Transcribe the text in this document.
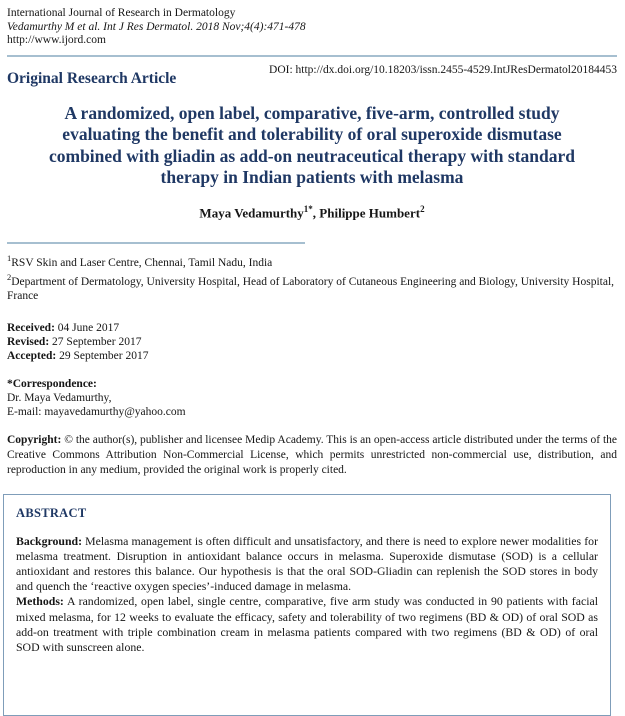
International Journal of Research in Dermatology
Vedamurthy M et al. Int J Res Dermatol. 2018 Nov;4(4):471-478
http://www.ijord.com
Original Research Article	DOI: http://dx.doi.org/10.18203/issn.2455-4529.IntJResDermatol20184453
A randomized, open label, comparative, five-arm, controlled study evaluating the benefit and tolerability of oral superoxide dismutase combined with gliadin as add-on neutraceutical therapy with standard therapy in Indian patients with melasma
Maya Vedamurthy$^{1*}$, Philippe Humbert$^2$
$^1$RSV Skin and Laser Centre, Chennai, Tamil Nadu, India
$^2$Department of Dermatology, University Hospital, Head of Laboratory of Cutaneous Engineering and Biology, University Hospital, France
Received: 04 June 2017
Revised: 27 September 2017
Accepted: 29 September 2017
*Correspondence:
Dr. Maya Vedamurthy,
E-mail: mayavedamurthy@yahoo.com

Copyright: © the author(s), publisher and licensee Medip Academy. This is an open-access article distributed under the terms of the Creative Commons Attribution Non-Commercial License, which permits unrestricted non-commercial use, distribution, and reproduction in any medium, provided the original work is properly cited.

ABSTRACT

Background: Melasma management is often difficult and unsatisfactory, and there is need to explore newer modalities for melasma treatment. Disruption in antioxidant balance occurs in melasma. Superoxide dismutase (SOD) is a cellular antioxidant and restores this balance. Our hypothesis is that the oral SOD-Gliadin can replenish the SOD stores in body and quench the ‘reactive oxygen species’-induced damage in melasma.

Methods: A randomized, open label, single centre, comparative, five arm study was conducted in 90 patients with facial mixed melasma, for 12 weeks to evaluate the efficacy, safety and tolerability of two regimens (BD & OD) of oral SOD as add-on treatment with triple combination cream in melasma patients compared with two regimens (BD & OD) of oral SOD with sunscreen alone.
